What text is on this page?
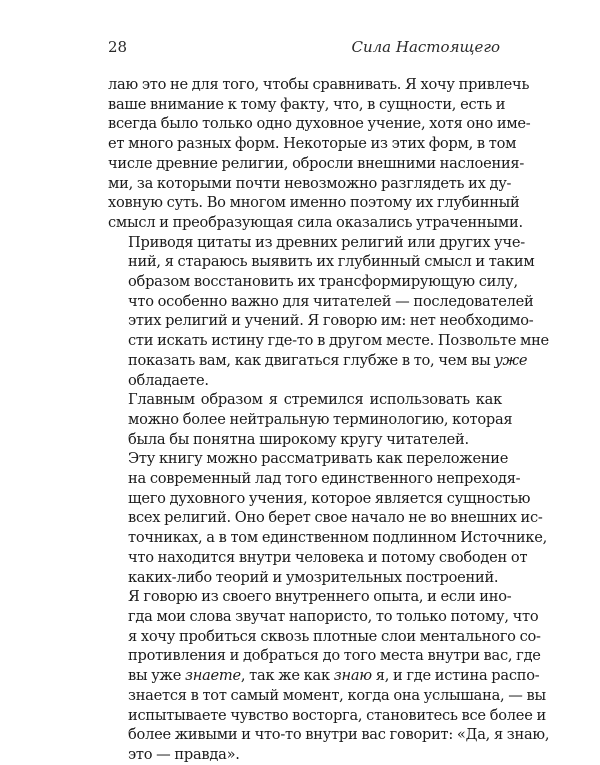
28	Сила Настоящего

лаю это не для того, чтобы сравнивать. Я хочу привлечь
ваше внимание к тому факту, что, в сущности, есть и
всегда было только одно духовное учение, хотя оно име-
ет много разных форм. Некоторые из этих форм, в том
числе древние религии, обросли внешними наслоения-
ми, за которыми почти невозможно разглядеть их ду-
ховную суть. Во многом именно поэтому их глубинный
смысл и преобразующая сила оказались утраченными.

Приводя цитаты из древних религий или других уче-
ний, я стараюсь выявить их глубинный смысл и таким
образом восстановить их трансформирующую силу,
что особенно важно для читателей — последователей
этих религий и учений. Я говорю им: нет необходимо-
сти искать истину где-то в другом месте. Позвольте мне
показать вам, как двигаться глубже в то, чем вы уже
обладаете.

Главным образом я стремился использовать как
можно более нейтральную терминологию, которая
была бы понятна широкому кругу читателей.

Эту книгу можно рассматривать как переложение
на современный лад того единственного непреходя-
щего духовного учения, которое является сущностью
всех религий. Оно берет свое начало не во внешних ис-
точниках, а в том единственном подлинном Источнике,
что находится внутри человека и потому свободен от
каких-либо теорий и умозрительных построений.

Я говорю из своего внутреннего опыта, и если ино-
гда мои слова звучат напористо, то только потому, что
я хочу пробиться сквозь плотные слои ментального со-
противления и добраться до того места внутри вас, где
вы уже знаете, так же как знаю я, и где истина распо-
знается в тот самый момент, когда она услышана, — вы
испытываете чувство восторга, становитесь все более и
более живыми и что-то внутри вас говорит: «Да, я знаю,
это — правда».
